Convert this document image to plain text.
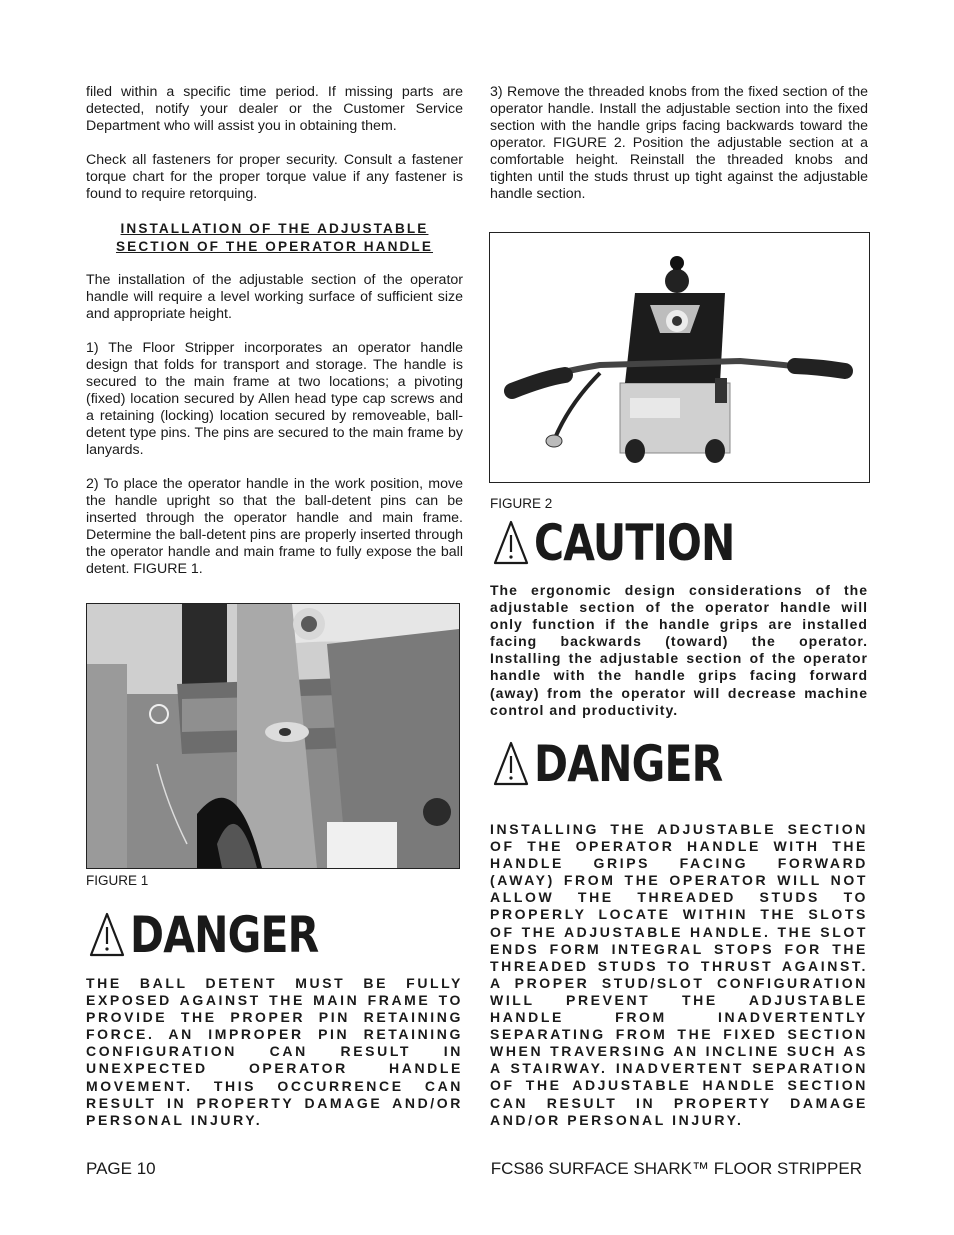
filed within a specific time period. If missing parts are detected, notify your dealer or the Customer Service Department who will assist you in obtaining them.

Check all fasteners for proper security. Consult a fastener torque chart for the proper torque value if any fastener is found to require retorquing.

INSTALLATION OF THE ADJUSTABLE
SECTION OF THE OPERATOR HANDLE

The installation of the adjustable section of the operator handle will require a level working surface of sufficient size and appropriate height.

1) The Floor Stripper incorporates an operator handle design that folds for transport and storage. The handle is secured to the main frame at two locations; a pivoting (fixed) location secured by Allen head type cap screws and a retaining (locking) location secured by removeable, ball-detent type pins. The pins are secured to the main frame by lanyards.

2) To place the operator handle in the work position, move the handle upright so that the ball-detent pins can be inserted through the operator handle and main frame. Determine the ball-detent pins are properly inserted through the operator handle and main frame to fully expose the ball detent. FIGURE 1.

FIGURE 1
DANGER

THE BALL DETENT MUST BE FULLY EXPOSED AGAINST THE MAIN FRAME TO PROVIDE THE PROPER PIN RETAINING FORCE. AN IMPROPER PIN RETAINING CONFIGURATION CAN RESULT IN UNEXPECTED OPERATOR HANDLE MOVEMENT. THIS OCCURRENCE CAN RESULT IN PROPERTY DAMAGE AND/OR PERSONAL INJURY.

3) Remove the threaded knobs from the fixed section of the operator handle. Install the adjustable section into the fixed section with the handle grips facing backwards toward the operator. FIGURE 2. Position the adjustable section at a comfortable height. Reinstall the threaded knobs and tighten until the studs thrust up tight against the adjustable handle section.

FIGURE 2
CAUTION

The ergonomic design considerations of the adjustable section of the operator handle will only function if the handle grips are installed facing backwards (toward) the operator. Installing the adjustable section of the operator handle with the handle grips facing forward (away) from the operator will decrease machine control and productivity.

DANGER

INSTALLING THE ADJUSTABLE SECTION OF THE OPERATOR HANDLE WITH THE HANDLE GRIPS FACING FORWARD (AWAY) FROM THE OPERATOR WILL NOT ALLOW THE THREADED STUDS TO PROPERLY LOCATE WITHIN THE SLOTS OF THE ADJUSTABLE HANDLE. THE SLOT ENDS FORM INTEGRAL STOPS FOR THE THREADED STUDS TO THRUST AGAINST. A PROPER STUD/SLOT CONFIGURATION WILL PREVENT THE ADJUSTABLE HANDLE FROM INADVERTENTLY SEPARATING FROM THE FIXED SECTION WHEN TRAVERSING AN INCLINE SUCH AS A STAIRWAY. INADVERTENT SEPARATION OF THE ADJUSTABLE HANDLE SECTION CAN RESULT IN PROPERTY DAMAGE AND/OR PERSONAL INJURY.

PAGE 10	FCS86 SURFACE SHARK™ FLOOR STRIPPER
